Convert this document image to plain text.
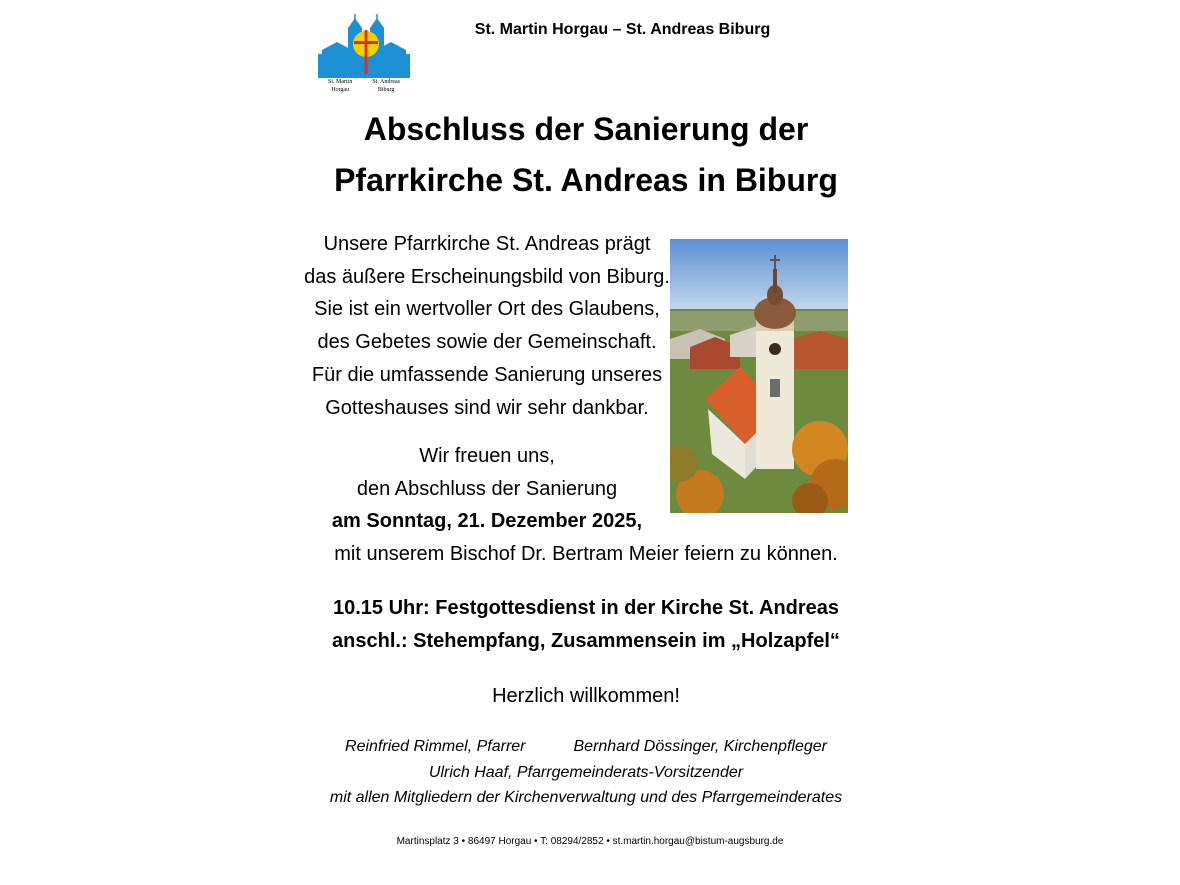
St. Martin
Horgau
St. Andreas
Biburg
St. Martin Horgau – St. Andreas Biburg
Abschluss der Sanierung der
Pfarrkirche St. Andreas in Biburg
Unsere Pfarrkirche St. Andreas prägt
das äußere Erscheinungsbild von Biburg.
Sie ist ein wertvoller Ort des Glaubens,
des Gebetes sowie der Gemeinschaft.
Für die umfassende Sanierung unseres
Gotteshauses sind wir sehr dankbar.
Wir freuen uns,
den Abschluss der Sanierung
am Sonntag, 21. Dezember 2025,
mit unserem Bischof Dr. Bertram Meier feiern zu können.
10.15 Uhr: Festgottesdienst in der Kirche St. Andreas
anschl.: Stehempfang, Zusammensein im „Holzapfel“
Herzlich willkommen!
Reinfried Rimmel, Pfarrer	Bernhard Dössinger, Kirchenpfleger
Ulrich Haaf, Pfarrgemeinderats-Vorsitzender
mit allen Mitgliedern der Kirchenverwaltung und des Pfarrgemeinderates
Martinsplatz 3 • 86497 Horgau • T: 08294/2852 • st.martin.horgau@bistum-augsburg.de
